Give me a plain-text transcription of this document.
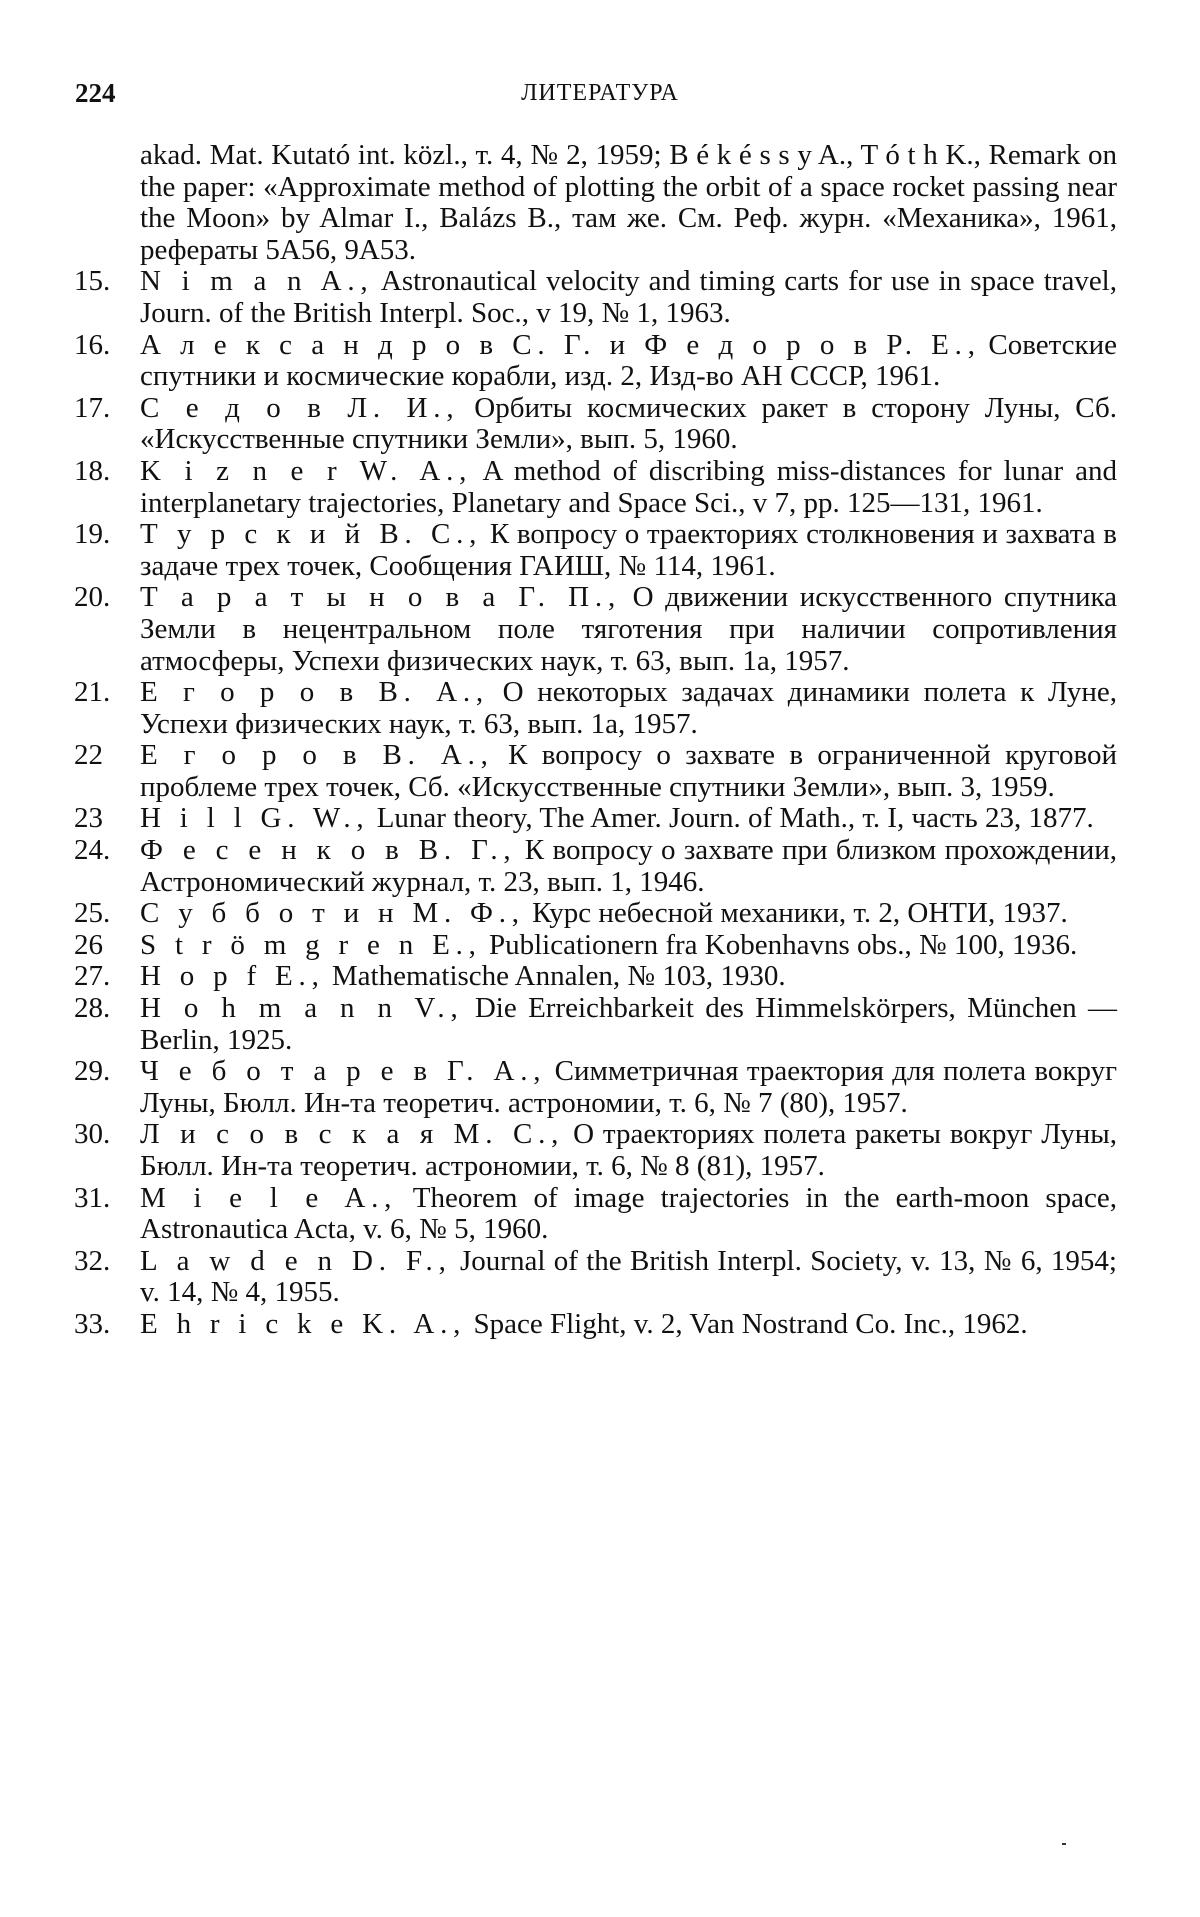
224	ЛИТЕРАТУРА

akad. Mat. Kutató int. közl., т. 4, № 2, 1959; B é k é s s y A., T ó t h K., Remark on the paper: «Approximate method of plotting the orbit of a space rocket passing near the Moon» by Almar I., Balázs B., там же. См. Реф. журн. «Механика», 1961, рефераты 5А56, 9А53.

15.	N i m a n A., Astronautical velocity and timing carts for use in space travel, Journ. of the British Interpl. Soc., v 19, № 1, 1963.

16.	А л е к с а н д р о в С. Г. и Ф е д о р о в Р. Е., Советские спутники и космические корабли, изд. 2, Изд-во АН СССР, 1961.

17.	С е д о в Л. И., Орбиты космических ракет в сторону Луны, Сб. «Искусственные спутники Земли», вып. 5, 1960.

18.	K i z n e r W. A., A method of discribing miss-distances for lunar and interplanetary trajectories, Planetary and Space Sci., v 7, pp. 125—131, 1961.

19.	Т у р с к и й В. С., К вопросу о траекториях столкновения и захвата в задаче трех точек, Сообщения ГАИШ, № 114, 1961.

20.	Т а р а т ы н о в а Г. П., О движении искусственного спутника Земли в нецентральном поле тяготения при наличии сопротивления атмосферы, Успехи физических наук, т. 63, вып. 1а, 1957.

21.	Е г о р о в В. А., О некоторых задачах динамики полета к Луне, Успехи физических наук, т. 63, вып. 1а, 1957.

22	Е г о р о в В. А., К вопросу о захвате в ограниченной круговой проблеме трех точек, Сб. «Искусственные спутники Земли», вып. 3, 1959.

23	H i l l G. W., Lunar theory, The Amer. Journ. of Math., т. I, часть 23, 1877.

24.	Ф е с е н к о в В. Г., К вопросу о захвате при близком прохождении, Астрономический журнал, т. 23, вып. 1, 1946.

25.	С у б б о т и н М. Ф., Курс небесной механики, т. 2, ОНТИ, 1937.

26	S t r ö m g r e n E., Publicationern fra Kobenhavns obs., № 100, 1936.

27.	H o p f E., Mathematische Annalen, № 103, 1930.

28.	H o h m a n n V., Die Erreichbarkeit des Himmelskörpers, München — Berlin, 1925.

29.	Ч е б о т а р е в Г. А., Симметричная траектория для полета вокруг Луны, Бюлл. Ин-та теоретич. астрономии, т. 6, № 7 (80), 1957.

30.	Л и с о в с к а я М. С., О траекториях полета ракеты вокруг Луны, Бюлл. Ин-та теоретич. астрономии, т. 6, № 8 (81), 1957.

31.	M i e l e A., Theorem of image trajectories in the earth-moon space, Astronautica Acta, v. 6, № 5, 1960.

32.	L a w d e n D. F., Journal of the British Interpl. Society, v. 13, № 6, 1954; v. 14, № 4, 1955.

33.	E h r i c k e K. A., Space Flight, v. 2, Van Nostrand Co. Inc., 1962.
